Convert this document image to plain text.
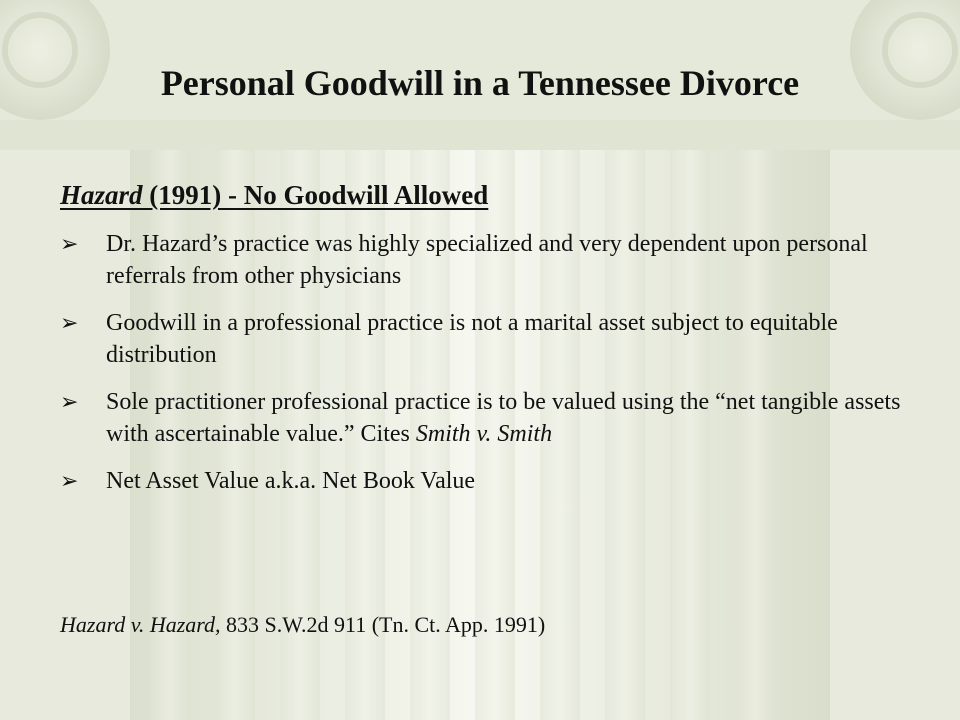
Personal Goodwill in a Tennessee Divorce
Hazard (1991) - No Goodwill Allowed
➢ Dr. Hazard’s practice was highly specialized and very dependent upon personal referrals from other physicians
➢ Goodwill in a professional practice is not a marital asset subject to equitable distribution
➢ Sole practitioner professional practice is to be valued using the “net tangible assets with ascertainable value.” Cites Smith v. Smith
➢ Net Asset Value a.k.a. Net Book Value
Hazard v. Hazard, 833 S.W.2d 911 (Tn. Ct. App. 1991)
